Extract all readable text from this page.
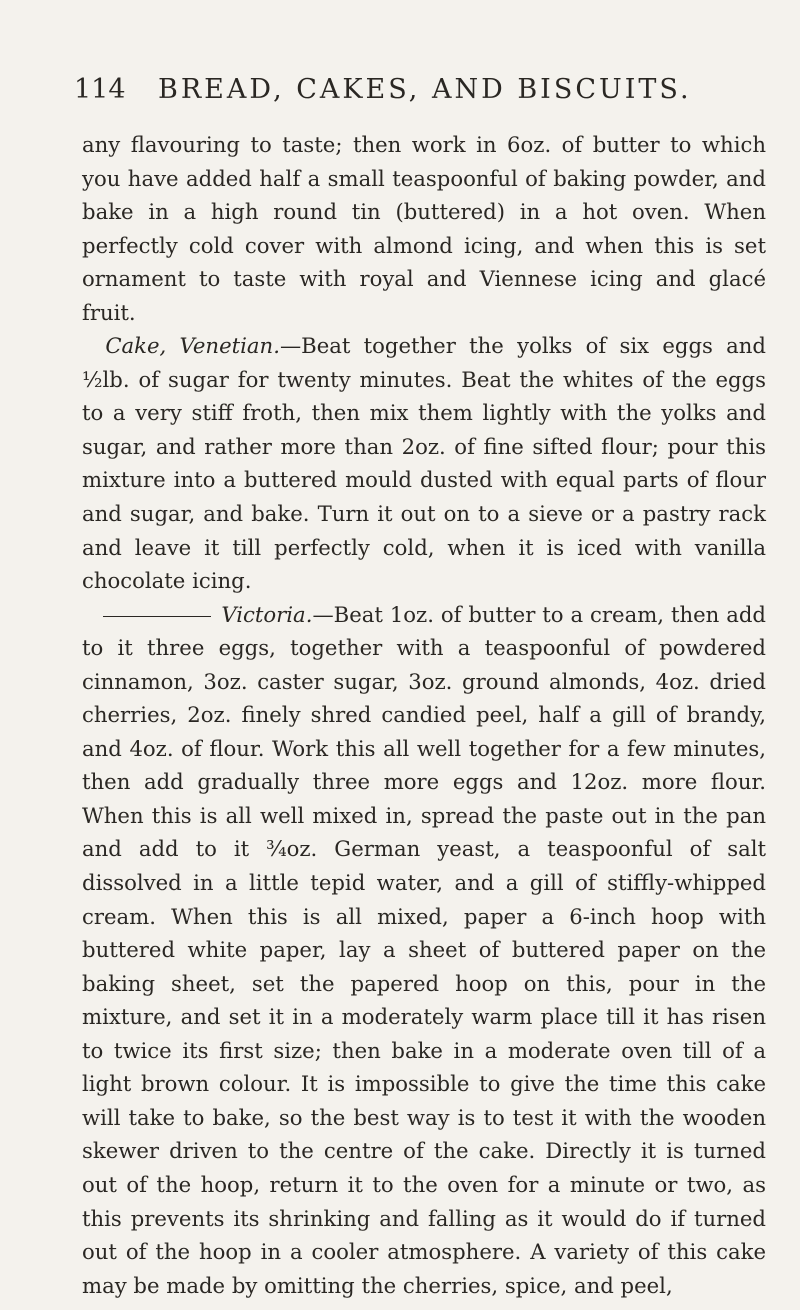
114 BREAD, CAKES, AND BISCUITS.

any flavouring to taste; then work in 6oz. of butter to which you have added half a small teaspoonful of baking powder, and bake in a high round tin (buttered) in a hot oven. When perfectly cold cover with almond icing, and when this is set ornament to taste with royal and Viennese icing and glacé fruit.

Cake, Venetian.—Beat together the yolks of six eggs and ½lb. of sugar for twenty minutes. Beat the whites of the eggs to a very stiff froth, then mix them lightly with the yolks and sugar, and rather more than 2oz. of fine sifted flour; pour this mixture into a buttered mould dusted with equal parts of flour and sugar, and bake. Turn it out on to a sieve or a pastry rack and leave it till perfectly cold, when it is iced with vanilla chocolate icing.

Victoria.—Beat 1oz. of butter to a cream, then add to it three eggs, together with a teaspoonful of powdered cinnamon, 3oz. caster sugar, 3oz. ground almonds, 4oz. dried cherries, 2oz. finely shred candied peel, half a gill of brandy, and 4oz. of flour. Work this all well together for a few minutes, then add gradually three more eggs and 12oz. more flour. When this is all well mixed in, spread the paste out in the pan and add to it ¾oz. German yeast, a teaspoonful of salt dissolved in a little tepid water, and a gill of stiffly-whipped cream. When this is all mixed, paper a 6-inch hoop with buttered white paper, lay a sheet of buttered paper on the baking sheet, set the papered hoop on this, pour in the mixture, and set it in a moderately warm place till it has risen to twice its first size; then bake in a moderate oven till of a light brown colour. It is impossible to give the time this cake will take to bake, so the best way is to test it with the wooden skewer driven to the centre of the cake. Directly it is turned out of the hoop, return it to the oven for a minute or two, as this prevents its shrinking and falling as it would do if turned out of the hoop in a cooler atmosphere. A variety of this cake may be made by omitting the cherries, spice, and peel,
